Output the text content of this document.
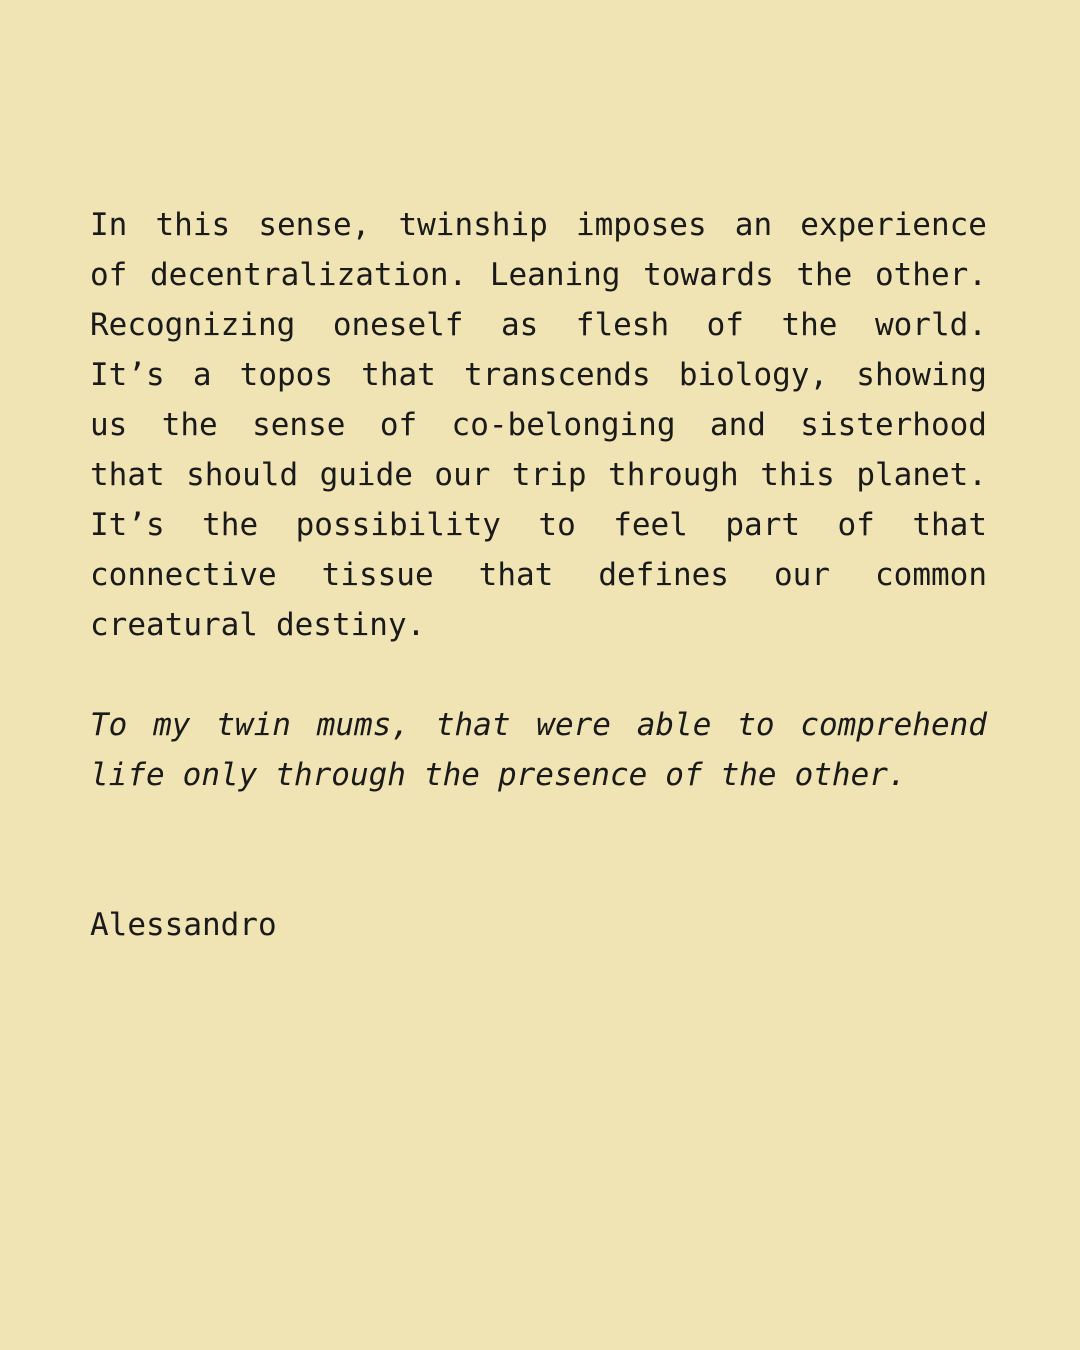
In this sense, twinship imposes an experience
of decentralization. Leaning towards the other.
Recognizing oneself as flesh of the world.
It’s a topos that transcends biology, showing
us the sense of co-belonging and sisterhood
that should guide our trip through this planet.
It’s the possibility to feel part of that
connective tissue that defines our common
creatural destiny.
To my twin mums, that were able to comprehend
life only through the presence of the other.
Alessandro
